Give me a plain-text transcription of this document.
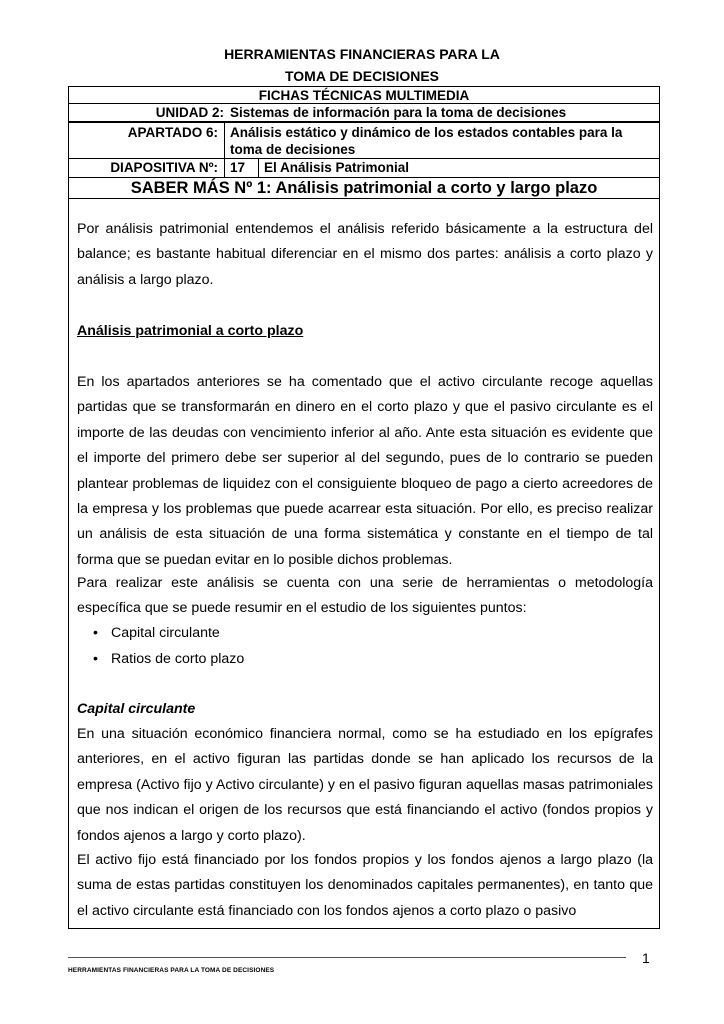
HERRAMIENTAS FINANCIERAS PARA LA
TOMA DE DECISIONES
FICHAS TÉCNICAS MULTIMEDIA
UNIDAD 2: Sistemas de información para la toma de decisiones
APARTADO 6: Análisis estático y dinámico de los estados contables para la toma de decisiones
DIAPOSITIVA Nº: 17	El Análisis Patrimonial
SABER MÁS Nº 1: Análisis patrimonial a corto y largo plazo
Por análisis patrimonial entendemos el análisis referido básicamente a la estructura del balance; es bastante habitual diferenciar en el mismo dos partes: análisis a corto plazo y análisis a largo plazo.
Análisis patrimonial a corto plazo
En los apartados anteriores se ha comentado que el activo circulante recoge aquellas partidas que se transformarán en dinero en el corto plazo y que el pasivo circulante es el importe de las deudas con vencimiento inferior al año. Ante esta situación es evidente que el importe del primero debe ser superior al del segundo, pues de lo contrario se pueden plantear problemas de liquidez con el consiguiente bloqueo de pago a cierto acreedores de la empresa y los problemas que puede acarrear esta situación. Por ello, es preciso realizar un análisis de esta situación de una forma sistemática y constante en el tiempo de tal forma que se puedan evitar en lo posible dichos problemas.
Para realizar este análisis se cuenta con una serie de herramientas o metodología específica que se puede resumir en el estudio de los siguientes puntos:
• Capital circulante
• Ratios de corto plazo
Capital circulante
En una situación económico financiera normal, como se ha estudiado en los epígrafes anteriores, en el activo figuran las partidas donde se han aplicado los recursos de la empresa (Activo fijo y Activo circulante) y en el pasivo figuran aquellas masas patrimoniales que nos indican el origen de los recursos que está financiando el activo (fondos propios y fondos ajenos a largo y corto plazo).
El activo fijo está financiado por los fondos propios y los fondos ajenos a largo plazo (la suma de estas partidas constituyen los denominados capitales permanentes), en tanto que el activo circulante está financiado con los fondos ajenos a corto plazo o pasivo
1
HERRAMIENTAS FINANCIERAS PARA LA TOMA DE DECISIONES
